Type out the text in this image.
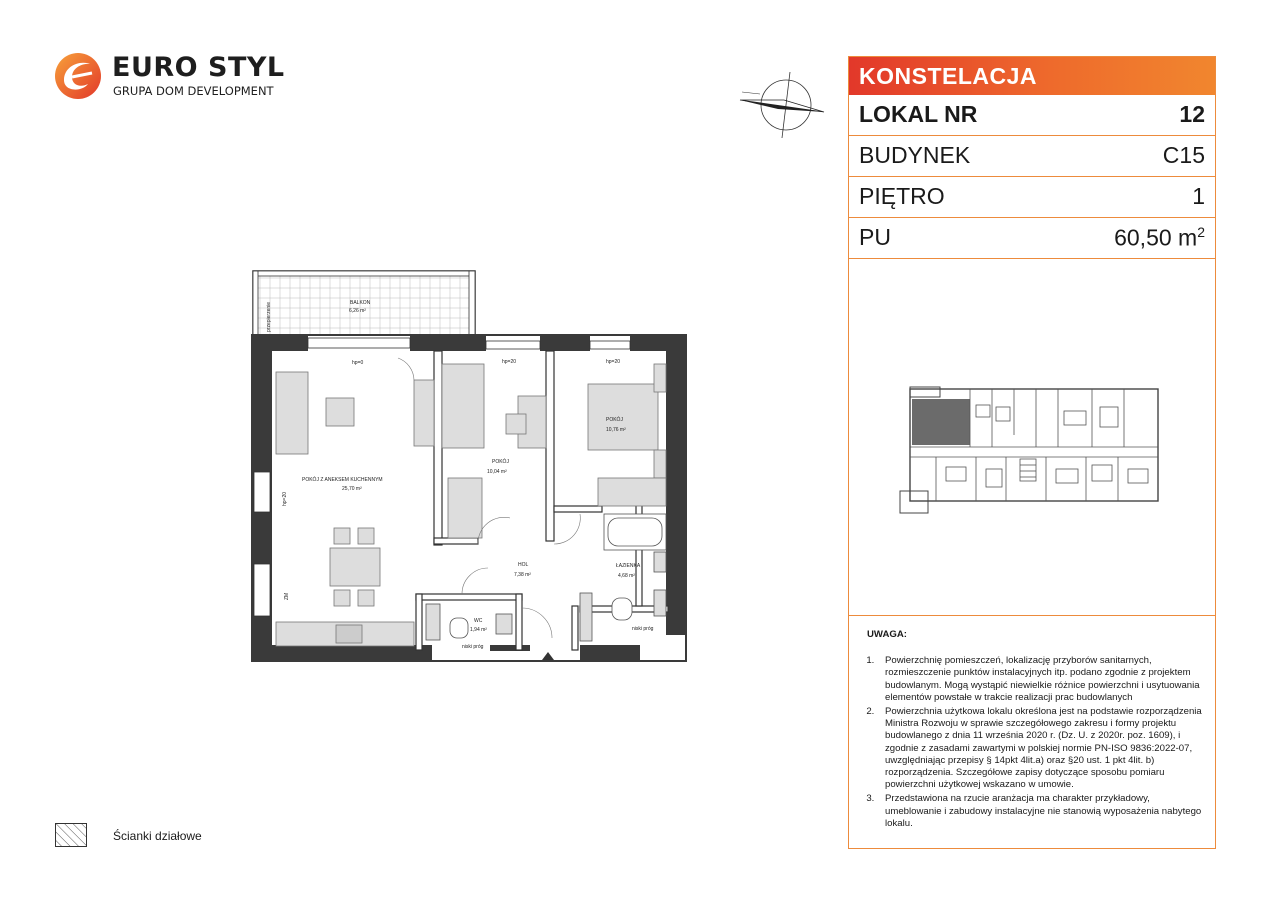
EURO STYL
GRUPA DOM DEVELOPMENT
KONSTELACJA
LOKAL NR	12
BUDYNEK	C15
PIĘTRO	1
PU	60,50 $m^2$
UWAGA:
1. Powierzchnię pomieszczeń, lokalizację przyborów sanitarnych, rozmieszczenie punktów instalacyjnych itp. podano zgodnie z projektem budowlanym. Mogą wystąpić niewielkie różnice powierzchni i usytuowania elementów powstałe w trakcie realizacji prac budowlanych
2. Powierzchnia użytkowa lokalu określona jest na podstawie rozporządzenia Ministra Rozwoju w sprawie szczegółowego zakresu i formy projektu budowlanego z dnia 11 września 2020 r. (Dz. U. z 2020r. poz. 1609), i zgodnie z zasadami zawartymi w polskiej normie PN-ISO 9836:2022-07, uwzględniając przepisy § 14pkt 4lit.a) oraz §20 ust. 1 pkt 4lit. b) rozporządzenia. Szczegółowe zapisy dotyczące sposobu pomiaru powierzchni użytkowej wskazano w umowie.
3. Przedstawiona na rzucie aranżacja ma charakter przykładowy, umeblowanie i zabudowy instalacyjne nie stanowią wyposażenia nabytego lokalu.
BALKON
6,26 m²
przepierzenie
POKÓJ Z ANEKSEM KUCHENNYM
25,70 m²
POKÓJ
10,04 m²
POKÓJ
10,76 m²
HOL
7,38 m²
ŁAZIENKA
4,68 m²
WC
1,94 m²
hp=0	hp=20	hp=20
hp=20
ZM
niski próg
niski próg
Ścianki działowe
